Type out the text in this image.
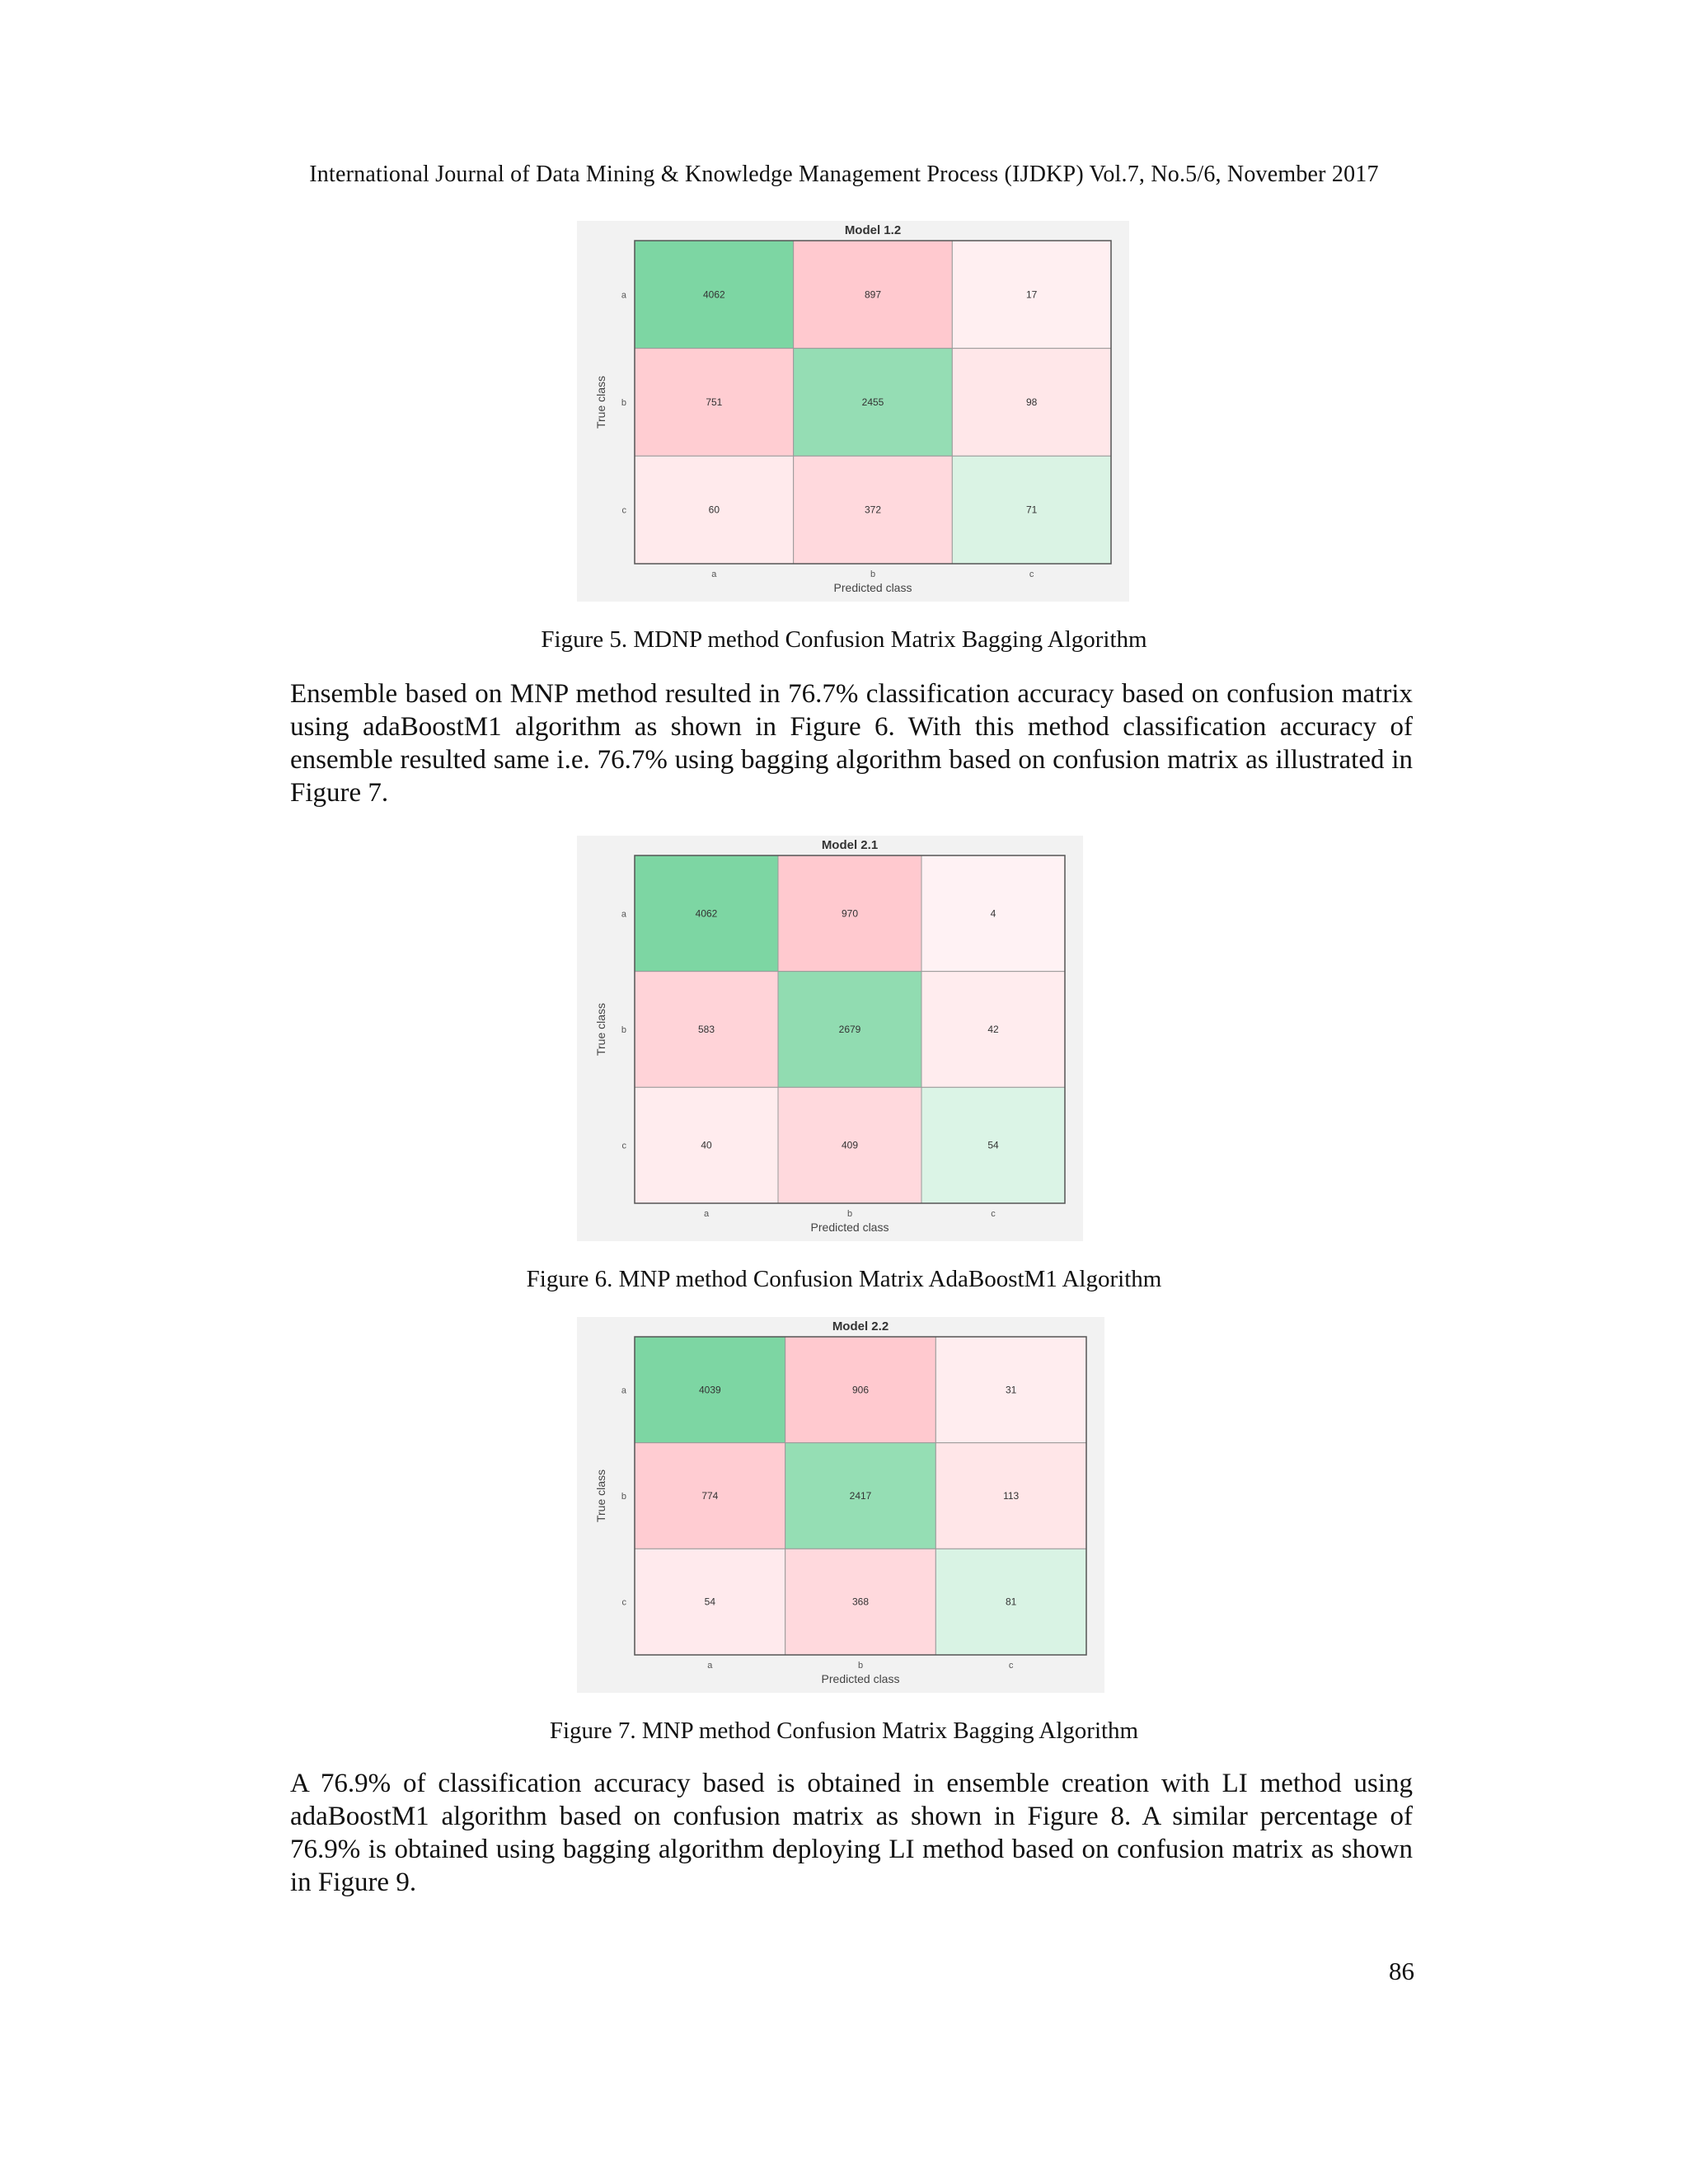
International Journal of Data Mining & Knowledge Management Process (IJDKP) Vol.7, No.5/6, November 2017
Model 1.2
4062	897	17
751	2455	98
60	372	71
a
b
c
a	b	c
Predicted class
True class
Figure 5. MDNP method Confusion Matrix Bagging Algorithm

Ensemble based on MNP method resulted in 76.7% classification accuracy based on confusion matrix using adaBoostM1 algorithm as shown in Figure 6. With this method classification accuracy of ensemble resulted same i.e. 76.7% using bagging algorithm based on confusion matrix as illustrated in Figure 7.

Model 2.1
4062	970	4
583	2679	42
40	409	54
a
b
c
a	b	c
Predicted class
True class
Figure 6. MNP method Confusion Matrix AdaBoostM1 Algorithm
Model 2.2
4039	906	31
774	2417	113
54	368	81
a
b
c
a	b	c
Predicted class
True class
Figure 7. MNP method Confusion Matrix Bagging Algorithm

A 76.9% of classification accuracy based is obtained in ensemble creation with LI method using adaBoostM1 algorithm based on confusion matrix as shown in Figure 8. A similar percentage of 76.9% is obtained using bagging algorithm deploying LI method based on confusion matrix as shown in Figure 9.

86
